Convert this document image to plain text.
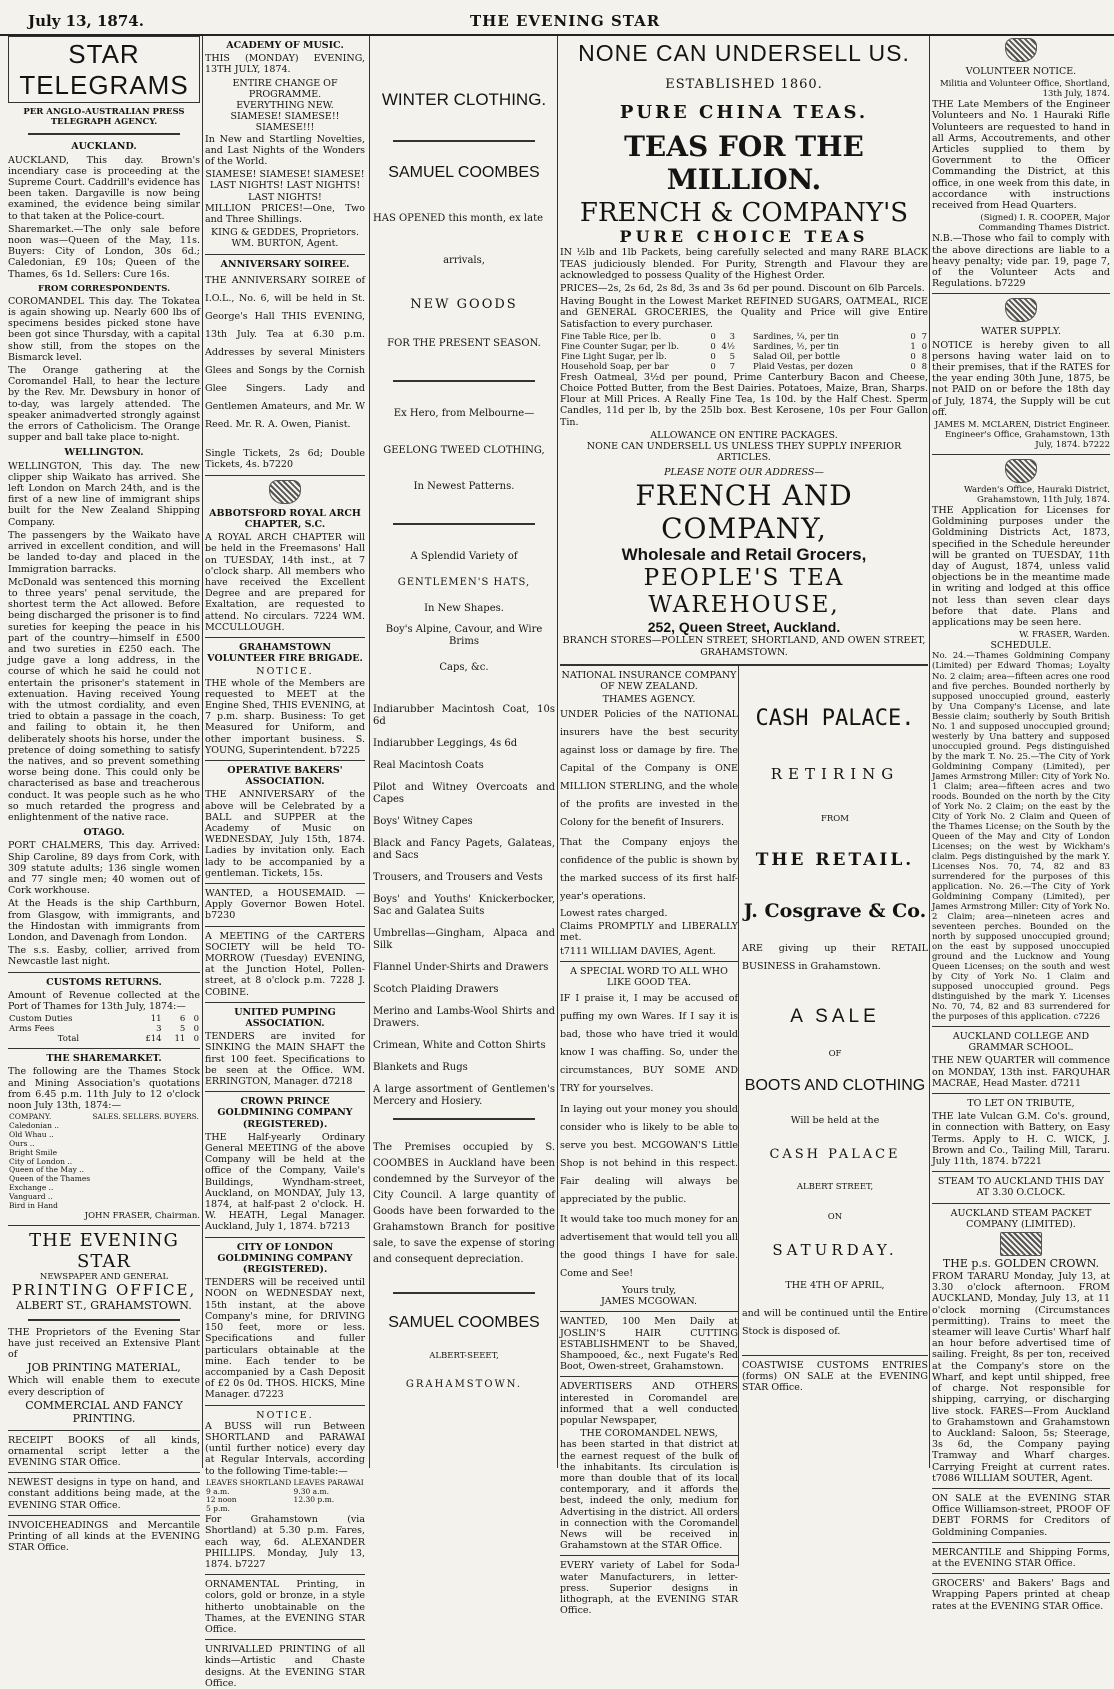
July 13, 1874.	THE EVENING STAR
STAR TELEGRAMS
PER ANGLO-AUSTRALIAN PRESS TELEGRAPH AGENCY.
AUCKLAND.

AUCKLAND, This day. Brown's incendiary case is proceeding at the Supreme Court. Caddrill's evidence has been taken. Dargaville is now being examined, the evidence being similar to that taken at the Police-court.

Sharemarket.—The only sale before noon was—Queen of the May, 11s. Buyers: City of London, 30s 6d.; Caledonian, £9 10s; Queen of the Thames, 6s 1d. Sellers: Cure 16s.

FROM CORRESPONDENTS.

COROMANDEL This day. The Tokatea is again showing up. Nearly 600 lbs of specimens besides picked stone have been got since Thursday, with a capital show still, from the stopes on the Bismarck level.

The Orange gathering at the Coromandel Hall, to hear the lecture by the Rev. Mr. Dewsbury in honor of to-day, was largely attended. The speaker animadverted strongly against the errors of Catholicism. The Orange supper and ball take place to-night.

WELLINGTON.

WELLINGTON, This day. The new clipper ship Waikato has arrived. She left London on March 24th, and is the first of a new line of immigrant ships built for the New Zealand Shipping Company.

The passengers by the Waikato have arrived in excellent condition, and will be landed to-day and placed in the Immigration barracks.

McDonald was sentenced this morning to three years' penal servitude, the shortest term the Act allowed. Before being discharged the prisoner is to find sureties for keeping the peace in his part of the country—himself in £500 and two sureties in £250 each. The judge gave a long address, in the course of which he said he could not entertain the prisoner's statement in extenuation. Having received Young with the utmost cordiality, and even tried to obtain a passage in the coach, and failing to obtain it, he then deliberately shoots his horse, under the pretence of doing something to satisfy the natives, and so prevent something worse being done. This could only be characterised as base and treacherous conduct. It was people such as he who so much retarded the progress and enlightenment of the native race.

OTAGO.

PORT CHALMERS, This day. Arrived: Ship Caroline, 89 days from Cork, with 309 statute adults; 136 single women and 77 single men; 40 women out of Cork workhouse.

At the Heads is the ship Carthburn, from Glasgow, with immigrants, and the Hindostan with immigrants from London, and Davenagh from London.

The s.s. Easby, collier, arrived from Newcastle last night.

CUSTOMS RETURNS.

Amount of Revenue collected at the Port of Thames for 13th July, 1874:—

Custom Duties	11	6	0
Arms Fees	3	5	0
Total	£14	11	0
THE SHAREMARKET.

The following are the Thames Stock and Mining Association's quotations from 6.45 p.m. 11th July to 12 o'clock noon July 13th, 1874:—

COMPANY.	SALES.	SELLERS.	BUYERS.
Caledonian ..
Old Whau ..
Ours ..
Bright Smile
City of London ..
Queen of the May ..
Queen of the Thames
Exchange ..
Vanguard ..
Bird in Hand
JOHN FRASER, Chairman.
THE EVENING STAR
NEWSPAPER AND GENERAL
PRINTING OFFICE,
ALBERT ST., GRAHAMSTOWN.

THE Proprietors of the Evening Star have just received an Extensive Plant of

JOB PRINTING MATERIAL,

Which will enable them to execute every description of

COMMERCIAL AND FANCY
PRINTING.

RECEIPT BOOKS of all kinds, ornamental script letter a the EVENING STAR Office.

NEWEST designs in type on hand, and constant additions being made, at the EVENING STAR Office.

INVOICEHEADINGS and Mercantile Printing of all kinds at the EVENING STAR Office.

ACADEMY OF MUSIC.

THIS (MONDAY) EVENING, 13TH JULY, 1874.

ENTIRE CHANGE OF PROGRAMME.
EVERYTHING NEW.
SIAMESE! SIAMESE!! SIAMESE!!!

In New and Startling Novelties, and Last Nights of the Wonders of the World.

SIAMESE! SIAMESE! SIAMESE!
LAST NIGHTS! LAST NIGHTS! LAST NIGHTS!

MILLION PRICES!—One, Two and Three Shillings.

KING & GEDDES, Proprietors. WM. BURTON, Agent.
ANNIVERSARY SOIREE.

THE ANNIVERSARY SOIREE of I.O.L., No. 6, will be held in St. George's Hall THIS EVENING, 13th July. Tea at 6.30 p.m. Addresses by several Ministers Glees and Songs by the Cornish Glee Singers. Lady and Gentlemen Amateurs, and Mr. W Reed. Mr. R. A. Owen, Pianist.

Single Tickets, 2s 6d; Double Tickets, 4s. b7220

ABBOTSFORD ROYAL ARCH CHAPTER, S.C.

A ROYAL ARCH CHAPTER will be held in the Freemasons' Hall on TUESDAY, 14th inst., at 7 o'clock sharp. All members who have received the Excellent Degree and are prepared for Exaltation, are requested to attend. No circulars. 7224 WM. MCCULLOUGH.

GRAHAMSTOWN VOLUNTEER FIRE BRIGADE.
NOTICE.

THE whole of the Members are requested to MEET at the Engine Shed, THIS EVENING, at 7 p.m. sharp. Business: To get Measured for Uniform, and other important business. S. YOUNG, Superintendent. b7225

OPERATIVE BAKERS' ASSOCIATION.

THE ANNIVERSARY of the above will be Celebrated by a BALL and SUPPER at the Academy of Music on WEDNESDAY, July 15th, 1874. Ladies by invitation only. Each lady to be accompanied by a gentleman. Tickets, 15s.

WANTED, a HOUSEMAID. — Apply Governor Bowen Hotel. b7230

A MEETING of the CARTERS SOCIETY will be held TO-MORROW (Tuesday) EVENING, at the Junction Hotel, Pollen-street, at 8 o'clock p.m. 7228 J. COBINE.

UNITED PUMPING ASSOCIATION.

TENDERS are invited for SINKING the MAIN SHAFT the first 100 feet. Specifications to be seen at the Office. WM. ERRINGTON, Manager. d7218

CROWN PRINCE GOLDMINING COMPANY (REGISTERED).

THE Half-yearly Ordinary General MEETING of the above Company will be held at the office of the Company, Vaile's Buildings, Wyndham-street, Auckland, on MONDAY, July 13, 1874, at half-past 2 o'clock. H. W. HEATH, Legal Manager. Auckland, July 1, 1874. b7213

CITY OF LONDON GOLDMINING COMPANY (REGISTERED).

TENDERS will be received until NOON on WEDNESDAY next, 15th instant, at the above Company's mine, for DRIVING 150 feet, more or less. Specifications and fuller particulars obtainable at the mine. Each tender to be accompanied by a Cash Deposit of £2 0s 0d. THOS. HICKS, Mine Manager. d7223

NOTICE.

A BUSS will run Between SHORTLAND and PARAWAI (until further notice) every day at Regular Intervals, according to the following Time-table:—

LEAVES SHORTLAND	LEAVES PARAWAI
9 a.m.	9.30 a.m.
12 noon	12.30 p.m.
5 p.m.	

For Grahamstown (via Shortland) at 5.30 p.m. Fares, each way, 6d. ALEXANDER PHILLIPS. Monday, July 13, 1874. b7227

ORNAMENTAL Printing, in colors, gold or bronze, in a style hitherto unobtainable on the Thames, at the EVENING STAR Office.

UNRIVALLED PRINTING of all kinds—Artistic and Chaste designs. At the EVENING STAR Office.

WINTER CLOTHING.
SAMUEL COOMBES

HAS OPENED this month, ex late

arrivals,
NEW GOODS
FOR THE PRESENT SEASON.
Ex Hero, from Melbourne—
GEELONG TWEED CLOTHING,
In Newest Patterns.
A Splendid Variety of
GENTLEMEN'S HATS,
In New Shapes.
Boy's Alpine, Cavour, and Wire Brims
Caps, &c.

Indiarubber Macintosh Coat, 10s 6d

Indiarubber Leggings, 4s 6d

Real Macintosh Coats

Pilot and Witney Overcoats and Capes

Boys' Witney Capes

Black and Fancy Pagets, Galateas, and Sacs

Trousers, and Trousers and Vests

Boys' and Youths' Knickerbocker, Sac and Galatea Suits

Umbrellas—Gingham, Alpaca and Silk

Flannel Under-Shirts and Drawers

Scotch Plaiding Drawers

Merino and Lambs-Wool Shirts and Drawers.

Crimean, White and Cotton Shirts

Blankets and Rugs

A large assortment of Gentlemen's Mercery and Hosiery.

The Premises occupied by S. COOMBES in Auckland have been condemned by the Surveyor of the City Council. A large quantity of Goods have been forwarded to the Grahamstown Branch for positive sale, to save the expense of storing and consequent depreciation.

SAMUEL COOMBES
ALBERT-SEEET,
GRAHAMSTOWN.
NONE CAN UNDERSELL US.
ESTABLISHED 1860.
PURE CHINA TEAS.
TEAS FOR THE MILLION.
FRENCH & COMPANY'S
PURE CHOICE TEAS

IN ½lb and 1lb Packets, being carefully selected and many RARE BLACK TEAS judiciously blended. For Purity, Strength and Flavour they are acknowledged to possess Quality of the Highest Order.

PRICES—2s, 2s 6d, 2s 8d, 3s and 3s 6d per pound. Discount on 6lb Parcels.

Having Bought in the Lowest Market REFINED SUGARS, OATMEAL, RICE and GENERAL GROCERIES, the Quality and Price will give Entire Satisfaction to every purchaser.

Fine Table Rice, per lb.	0	3
Fine Counter Sugar, per lb.	0	4½
Fine Light Sugar, per lb.	0	5
Household Soap, per bar	0	7
Sardines, ¼, per tin	0	7
Sardines, ½, per tin	1	0
Salad Oil, per bottle	0	8
Plaid Vestas, per dozen	0	8

Fresh Oatmeal, 3½d per pound, Prime Canterbury Bacon and Cheese, Choice Potted Butter, from the Best Dairies. Potatoes, Maize, Bran, Sharps. Flour at Mill Prices. A Really Fine Tea, 1s 10d. by the Half Chest. Sperm Candles, 11d per lb, by the 25lb box. Best Kerosene, 10s per Four Gallon Tin.

ALLOWANCE ON ENTIRE PACKAGES.
NONE CAN UNDERSELL US UNLESS THEY SUPPLY INFERIOR ARTICLES.
PLEASE NOTE OUR ADDRESS—
FRENCH AND COMPANY,
Wholesale and Retail Grocers,
PEOPLE'S TEA WAREHOUSE,
252, Queen Street, Auckland.
BRANCH STORES—POLLEN STREET, SHORTLAND, AND OWEN STREET, GRAHAMSTOWN.
NATIONAL INSURANCE COMPANY OF NEW ZEALAND.
THAMES AGENCY.

UNDER Policies of the NATIONAL insurers have the best security against loss or damage by fire. The Capital of the Company is ONE MILLION STERLING, and the whole of the profits are invested in the Colony for the benefit of Insurers.

That the Company enjoys the confidence of the public is shown by the marked success of its first half-year's operations.

Lowest rates charged.

Claims PROMPTLY and LIBERALLY met.

t7111 WILLIAM DAVIES, Agent.

A SPECIAL WORD TO ALL WHO LIKE GOOD TEA.

IF I praise it, I may be accused of puffing my own Wares. If I say it is bad, those who have tried it would know I was chaffing. So, under the circumstances, BUY SOME AND TRY for yourselves.

In laying out your money you should consider who is likely to be able to serve you best. MCGOWAN'S Little Shop is not behind in this respect. Fair dealing will always be appreciated by the public.

It would take too much money for an advertisement that would tell you all the good things I have for sale. Come and See!

Yours truly,
JAMES MCGOWAN.

WANTED, 100 Men Daily at JOSLIN'S HAIR CUTTING ESTABLISHMENT to be Shaved, Shampooed, &c., next Fugate's Red Boot, Owen-street, Grahamstown.

ADVERTISERS AND OTHERS interested in Coromandel are informed that a well conducted popular Newspaper,

THE COROMANDEL NEWS,

has been started in that district at the earnest request of the bulk of the inhabitants. Its circulation is more than double that of its local contemporary, and it affords the best, indeed the only, medium for Advertising in the district. All orders in connection with the Coromandel News will be received in Grahamstown at the STAR Office.

EVERY variety of Label for Soda-water Manufacturers, in letter-press. Superior designs in lithograph, at the EVENING STAR Office.

CASH PALACE.
RETIRING
FROM
THE RETAIL.
J. Cosgrave & Co.

ARE giving up their RETAIL BUSINESS in Grahamstown.

A SALE
OF
BOOTS AND CLOTHING
Will be held at the
CASH PALACE
ALBERT STREET,
ON
SATURDAY.
THE 4TH OF APRIL,

and will be continued until the Entire Stock is disposed of.

COASTWISE CUSTOMS ENTRIES (forms) ON SALE at the EVENING STAR Office.

VOLUNTEER NOTICE.
Militia and Volunteer Office, Shortland, 13th July, 1874.

THE Late Members of the Engineer Volunteers and No. 1 Hauraki Rifle Volunteers are requested to hand in all Arms, Accoutrements, and other Articles supplied to them by Government to the Officer Commanding the District, at this office, in one week from this date, in accordance with instructions received from Head Quarters.

(Signed) I. R. COOPER, Major Commanding Thames District.

N.B.—Those who fail to comply with the above directions are liable to a heavy penalty; vide par. 19, page 7, of the Volunteer Acts and Regulations. b7229

WATER SUPPLY.

NOTICE is hereby given to all persons having water laid on to their premises, that if the RATES for the year ending 30th June, 1875, be not PAID on or before the 18th day of July, 1874, the Supply will be cut off.

JAMES M. MCLAREN, District Engineer. Engineer's Office, Grahamstown, 13th July, 1874. b7222
Warden's Office, Hauraki District, Grahamstown, 11th July, 1874.

THE Application for Licenses for Goldmining purposes under the Goldmining Districts Act, 1873, specified in the Schedule hereunder will be granted on TUESDAY, 11th day of August, 1874, unless valid objections be in the meantime made in writing and lodged at this office not less than seven clear days before that date. Plans and applications may be seen here.

W. FRASER, Warden.
SCHEDULE.

No. 24.—Thames Goldmining Company (Limited) per Edward Thomas; Loyalty No. 2 claim; area—fifteen acres one rood and five perches. Bounded northerly by supposed unoccupied ground, easterly by Una Company's License, and late Bessie claim; southerly by South British No. 1 and supposed unoccupied ground; westerly by Una battery and supposed unoccupied ground. Pegs distinguished by the mark T. No. 25.—The City of York Goldmining Company (Limited), per James Armstrong Miller: City of York No. 1 Claim; area—fifteen acres and two roods. Bounded on the north by the City of York No. 2 Claim; on the east by the City of York No. 2 Claim and Queen of the Thames License; on the South by the Queen of the May and City of London Licenses; on the west by Wickham's claim. Pegs distinguished by the mark Y. Licenses Nos. 70, 74, 82 and 83 surrendered for the purposes of this application. No. 26.—The City of York Goldmining Company (Limited), per James Armstrong Miller: City of York No. 2 Claim; area—nineteen acres and seventeen perches. Bounded on the north by supposed unoccupied ground; on the east by supposed unoccupied ground and the Lucknow and Young Queen Licenses; on the south and west by City of York No. 1 Claim and supposed unoccupied ground. Pegs distinguished by the mark Y. Licenses No. 70, 74, 82 and 83 surrendered for the purposes of this application. c7226

AUCKLAND COLLEGE AND GRAMMAR SCHOOL.

THE NEW QUARTER will commence on MONDAY, 13th inst. FARQUHAR MACRAE, Head Master. d7211

TO LET ON TRIBUTE,

THE late Vulcan G.M. Co's. ground, in connection with Battery, on Easy Terms. Apply to H. C. WICK, J. Brown and Co., Tailing Mill, Tararu. July 11th, 1874. b7221

STEAM TO AUCKLAND THIS DAY AT 3.30 O.CLOCK.
AUCKLAND STEAM PACKET COMPANY (LIMITED).
THE p.s. GOLDEN CROWN.

FROM TARARU Monday, July 13, at 3.30 o'clock afternoon. FROM AUCKLAND, Monday, July 13, at 11 o'clock morning (Circumstances permitting). Trains to meet the steamer will leave Curtis' Wharf half an hour before advertised time of sailing. Freight, 8s per ton, received at the Company's store on the Wharf, and kept until shipped, free of charge. Not responsible for shipping, carrying, or discharging live stock. FARES—From Auckland to Grahamstown and Grahamstown to Auckland: Saloon, 5s; Steerage, 3s 6d, the Company paying Tramway and Wharf charges. Carrying Freight at current rates. t7086 WILLIAM SOUTER, Agent.

ON SALE at the EVENING STAR Office Williamson-street, PROOF OF DEBT FORMS for Creditors of Goldmining Companies.

MERCANTILE and Shipping Forms, at the EVENING STAR Office.

GROCERS' and Bakers' Bags and Wrapping Papers printed at cheap rates at the EVENING STAR Office.
